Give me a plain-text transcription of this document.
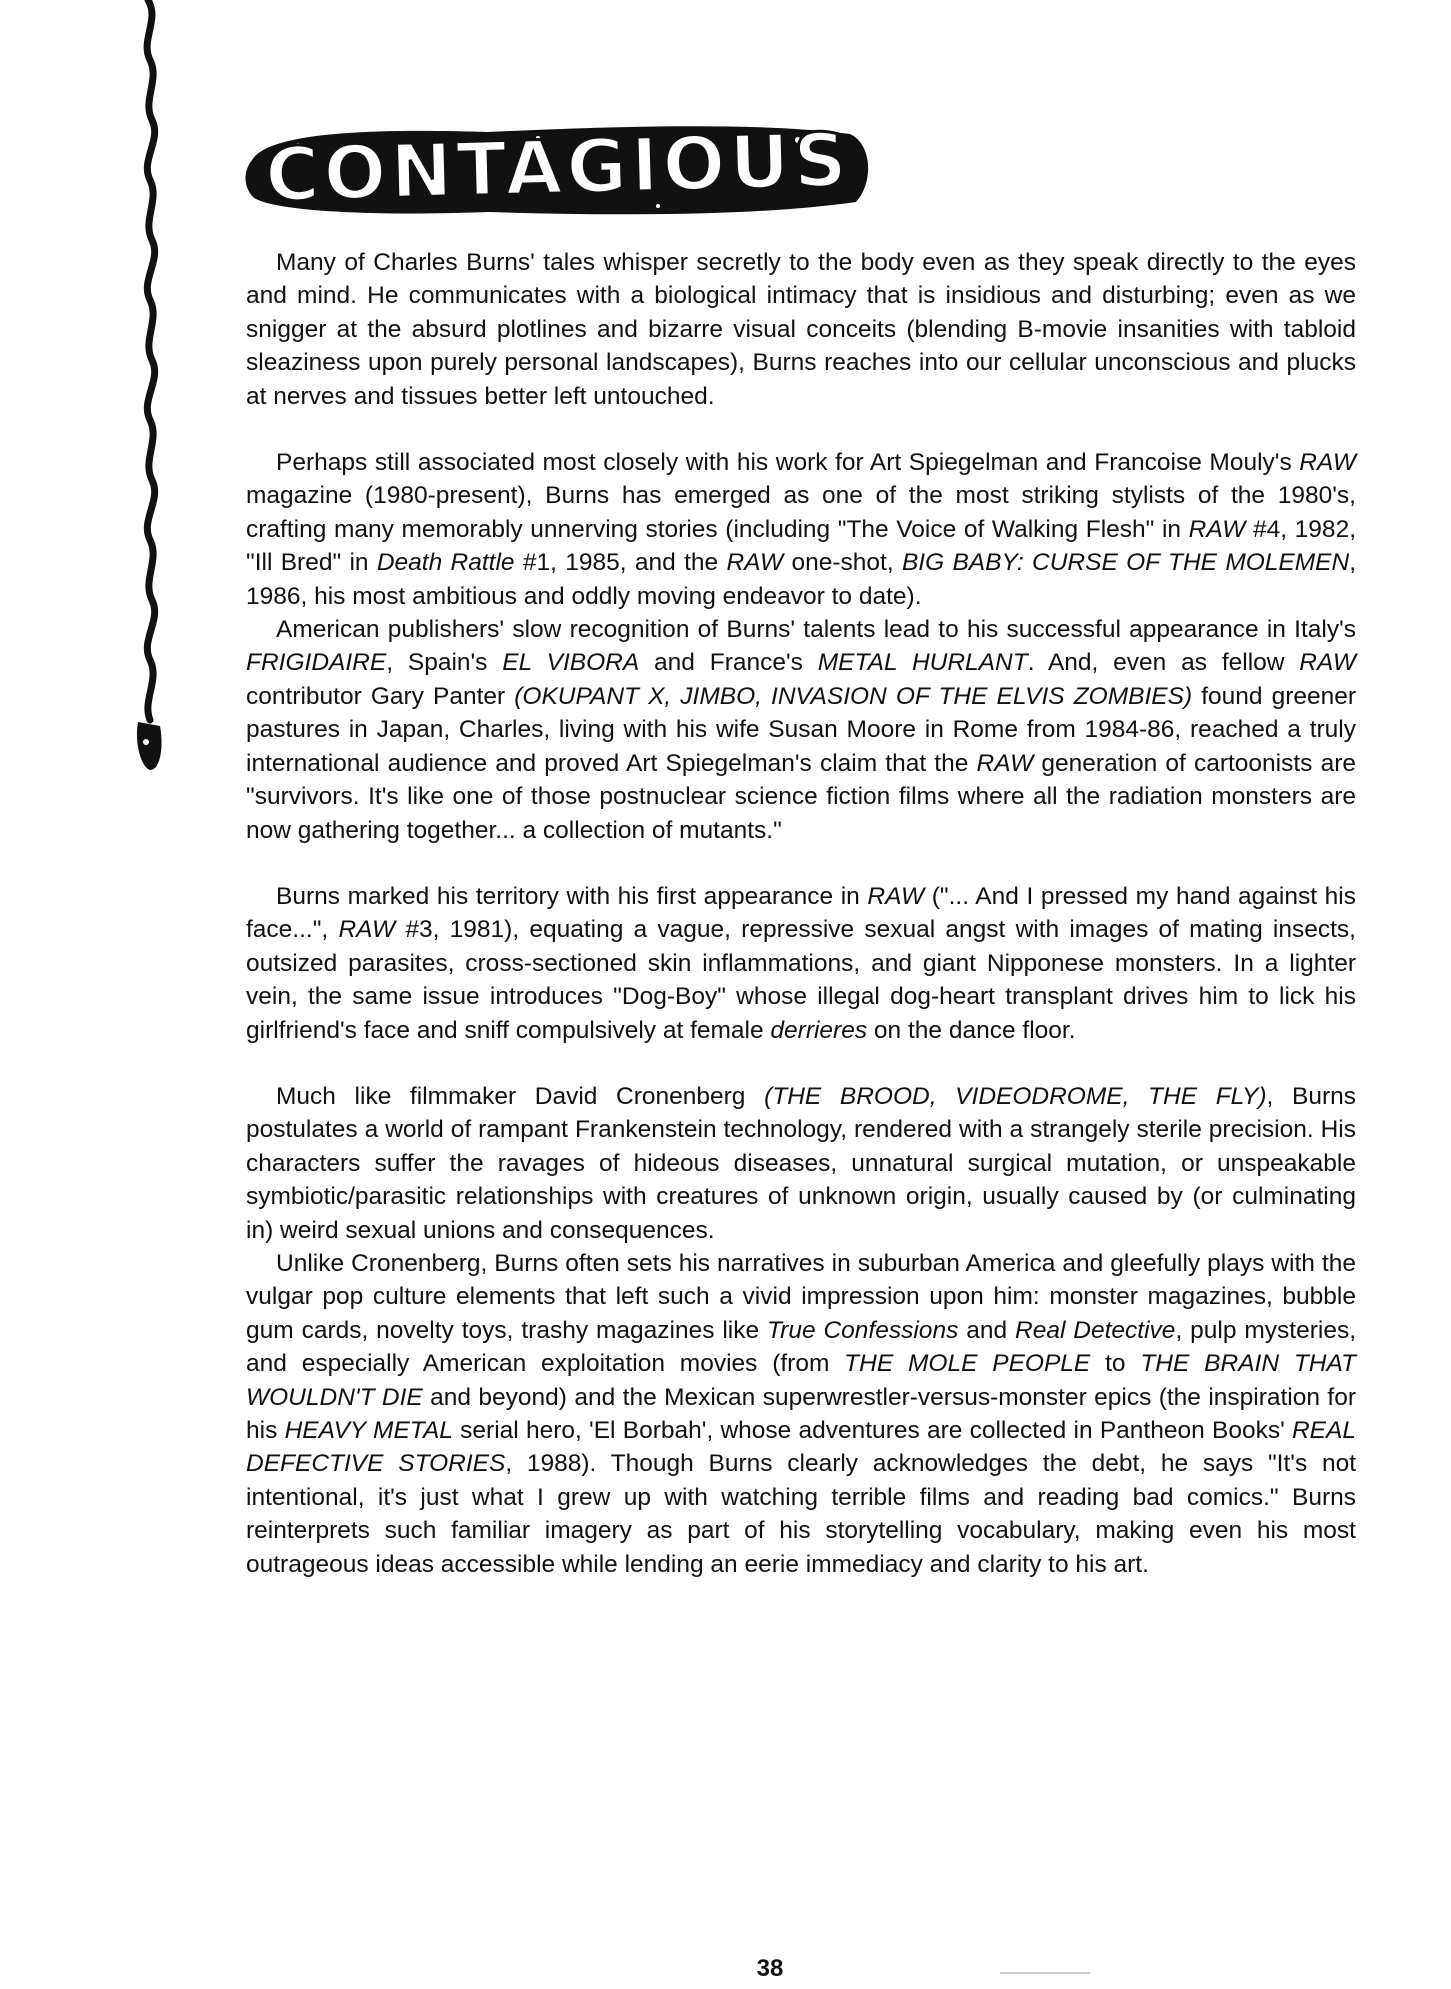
CONTAGIOUS

Many of Charles Burns' tales whisper secretly to the body even as they speak directly to the eyes and mind. He communicates with a biological intimacy that is insidious and disturbing; even as we snigger at the absurd plotlines and bizarre visual conceits (blending B-movie insanities with tabloid sleaziness upon purely personal landscapes), Burns reaches into our cellular unconscious and plucks at nerves and tissues better left untouched.

Perhaps still associated most closely with his work for Art Spiegelman and Francoise Mouly's RAW magazine (1980-present), Burns has emerged as one of the most striking stylists of the 1980's, crafting many memorably unnerving stories (including "The Voice of Walking Flesh" in RAW #4, 1982, "Ill Bred" in Death Rattle #1, 1985, and the RAW one-shot, BIG BABY: CURSE OF THE MOLEMEN, 1986, his most ambitious and oddly moving endeavor to date).

American publishers' slow recognition of Burns' talents lead to his successful appearance in Italy's FRIGIDAIRE, Spain's EL VIBORA and France's METAL HURLANT. And, even as fellow RAW contributor Gary Panter (OKUPANT X, JIMBO, INVASION OF THE ELVIS ZOMBIES) found greener pastures in Japan, Charles, living with his wife Susan Moore in Rome from 1984-86, reached a truly international audience and proved Art Spiegelman's claim that the RAW generation of cartoonists are "survivors. It's like one of those postnuclear science fiction films where all the radiation monsters are now gathering together... a collection of mutants."

Burns marked his territory with his first appearance in RAW ("... And I pressed my hand against his face...", RAW #3, 1981), equating a vague, repressive sexual angst with images of mating insects, outsized parasites, cross-sectioned skin inflammations, and giant Nipponese monsters. In a lighter vein, the same issue introduces "Dog-Boy" whose illegal dog-heart transplant drives him to lick his girlfriend's face and sniff compulsively at female derrieres on the dance floor.

Much like filmmaker David Cronenberg (THE BROOD, VIDEODROME, THE FLY), Burns postulates a world of rampant Frankenstein technology, rendered with a strangely sterile precision. His characters suffer the ravages of hideous diseases, unnatural surgical mutation, or unspeakable symbiotic/parasitic relationships with creatures of unknown origin, usually caused by (or culminating in) weird sexual unions and consequences.

Unlike Cronenberg, Burns often sets his narratives in suburban America and gleefully plays with the vulgar pop culture elements that left such a vivid impression upon him: monster magazines, bubble gum cards, novelty toys, trashy magazines like True Confessions and Real Detective, pulp mysteries, and especially American exploitation movies (from THE MOLE PEOPLE to THE BRAIN THAT WOULDN'T DIE and beyond) and the Mexican superwrestler-versus-monster epics (the inspiration for his HEAVY METAL serial hero, 'El Borbah', whose adventures are collected in Pantheon Books' REAL DEFECTIVE STORIES, 1988). Though Burns clearly acknowledges the debt, he says "It's not intentional, it's just what I grew up with watching terrible films and reading bad comics." Burns reinterprets such familiar imagery as part of his storytelling vocabulary, making even his most outrageous ideas accessible while lending an eerie immediacy and clarity to his art.

38
